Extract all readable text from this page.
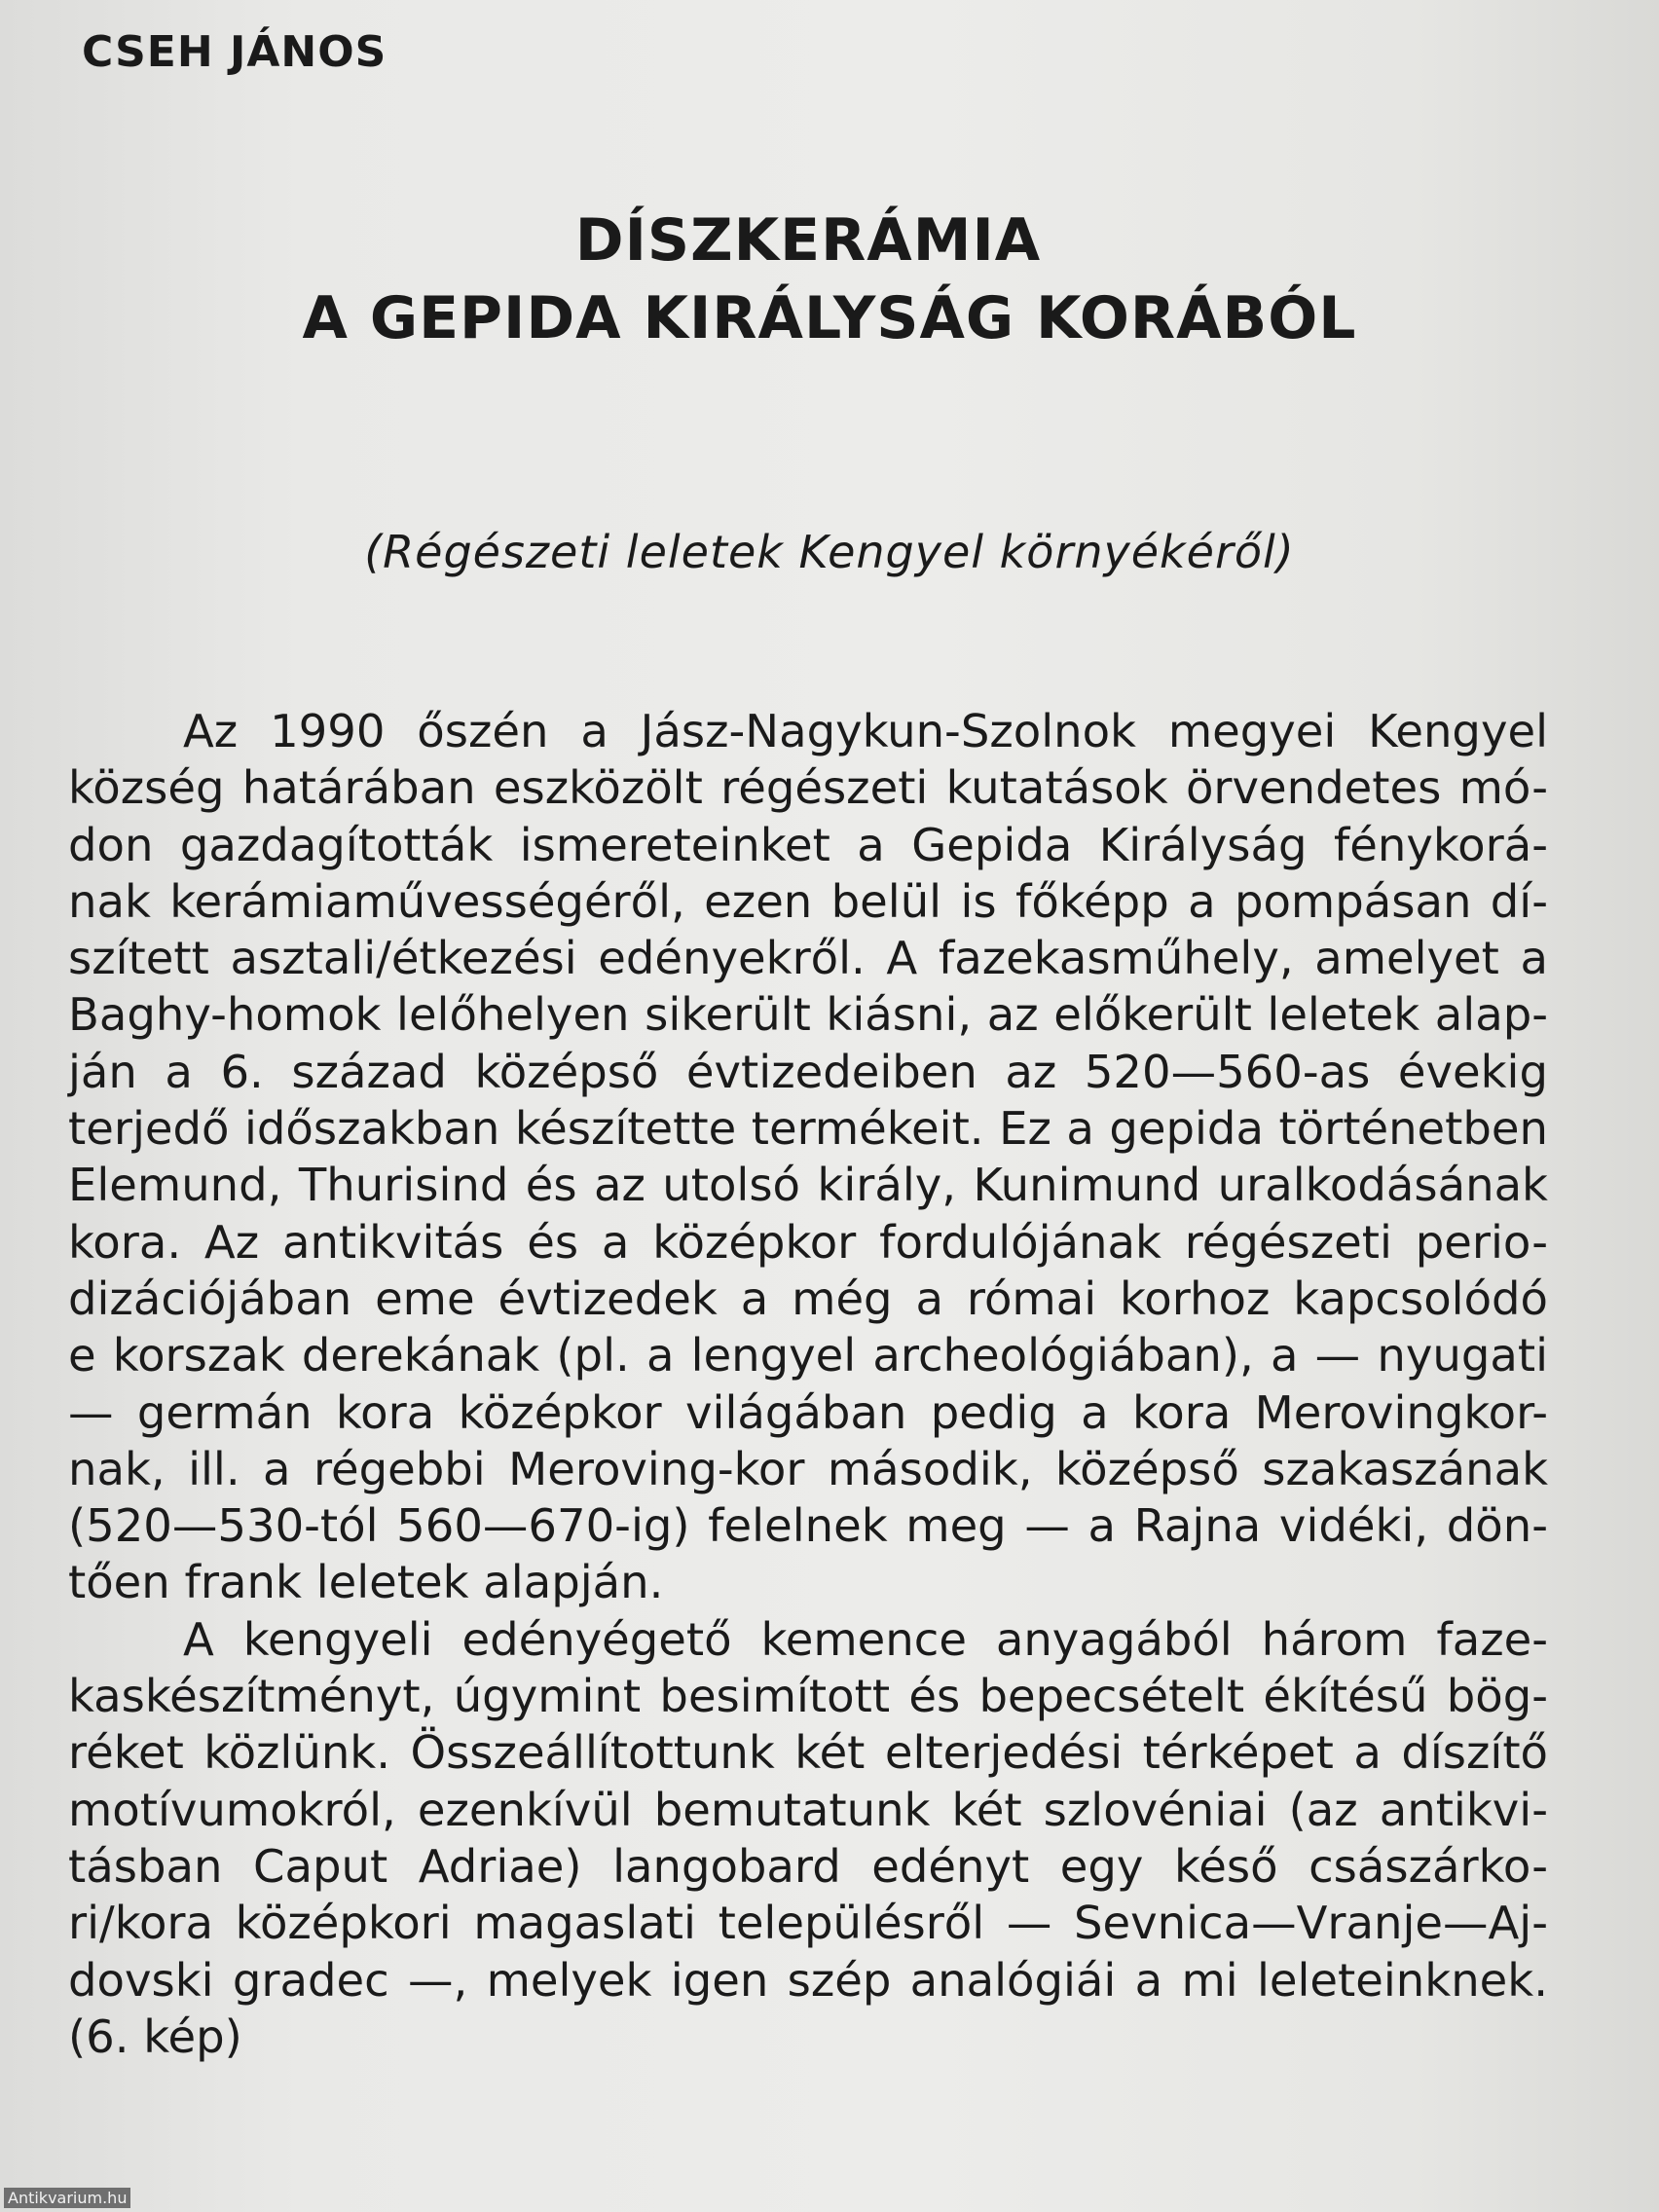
CSEH JÁNOS
DÍSZKERÁMIA
A GEPIDA KIRÁLYSÁG KORÁBÓL

(Régészeti leletek Kengyel környékéről)

Az 1990 őszén a Jász-Nagykun-Szolnok megyei Kengyel
község határában eszközölt régészeti kutatások örvendetes mó-
don gazdagították ismereteinket a Gepida Királyság fénykorá-
nak kerámiaművességéről, ezen belül is főképp a pompásan dí-
szített asztali/étkezési edényekről. A fazekasműhely, amelyet a
Baghy-homok lelőhelyen sikerült kiásni, az előkerült leletek alap-
ján a 6. század középső évtizedeiben az 520—560-as évekig
terjedő időszakban készítette termékeit. Ez a gepida történetben
Elemund, Thurisind és az utolsó király, Kunimund uralkodásának
kora. Az antikvitás és a középkor fordulójának régészeti perio-
dizációjában eme évtizedek a még a római korhoz kapcsolódó
e korszak derekának (pl. a lengyel archeológiában), a — nyugati
— germán kora középkor világában pedig a kora Merovingkor-
nak, ill. a régebbi Meroving-kor második, középső szakaszának
(520—530-tól 560—670-ig) felelnek meg — a Rajna vidéki, dön-
tően frank leletek alapján.
A kengyeli edényégető kemence anyagából három faze-
kaskészítményt, úgymint besimított és bepecsételt ékítésű bög-
réket közlünk. Összeállítottunk két elterjedési térképet a díszítő
motívumokról, ezenkívül bemutatunk két szlovéniai (az antikvi-
tásban Caput Adriae) langobard edényt egy késő császárko-
ri/kora középkori magaslati településről — Sevnica—Vranje—Aj-
dovski gradec —, melyek igen szép analógiái a mi leleteinknek.
(6. kép)
Antikvarium.hu
